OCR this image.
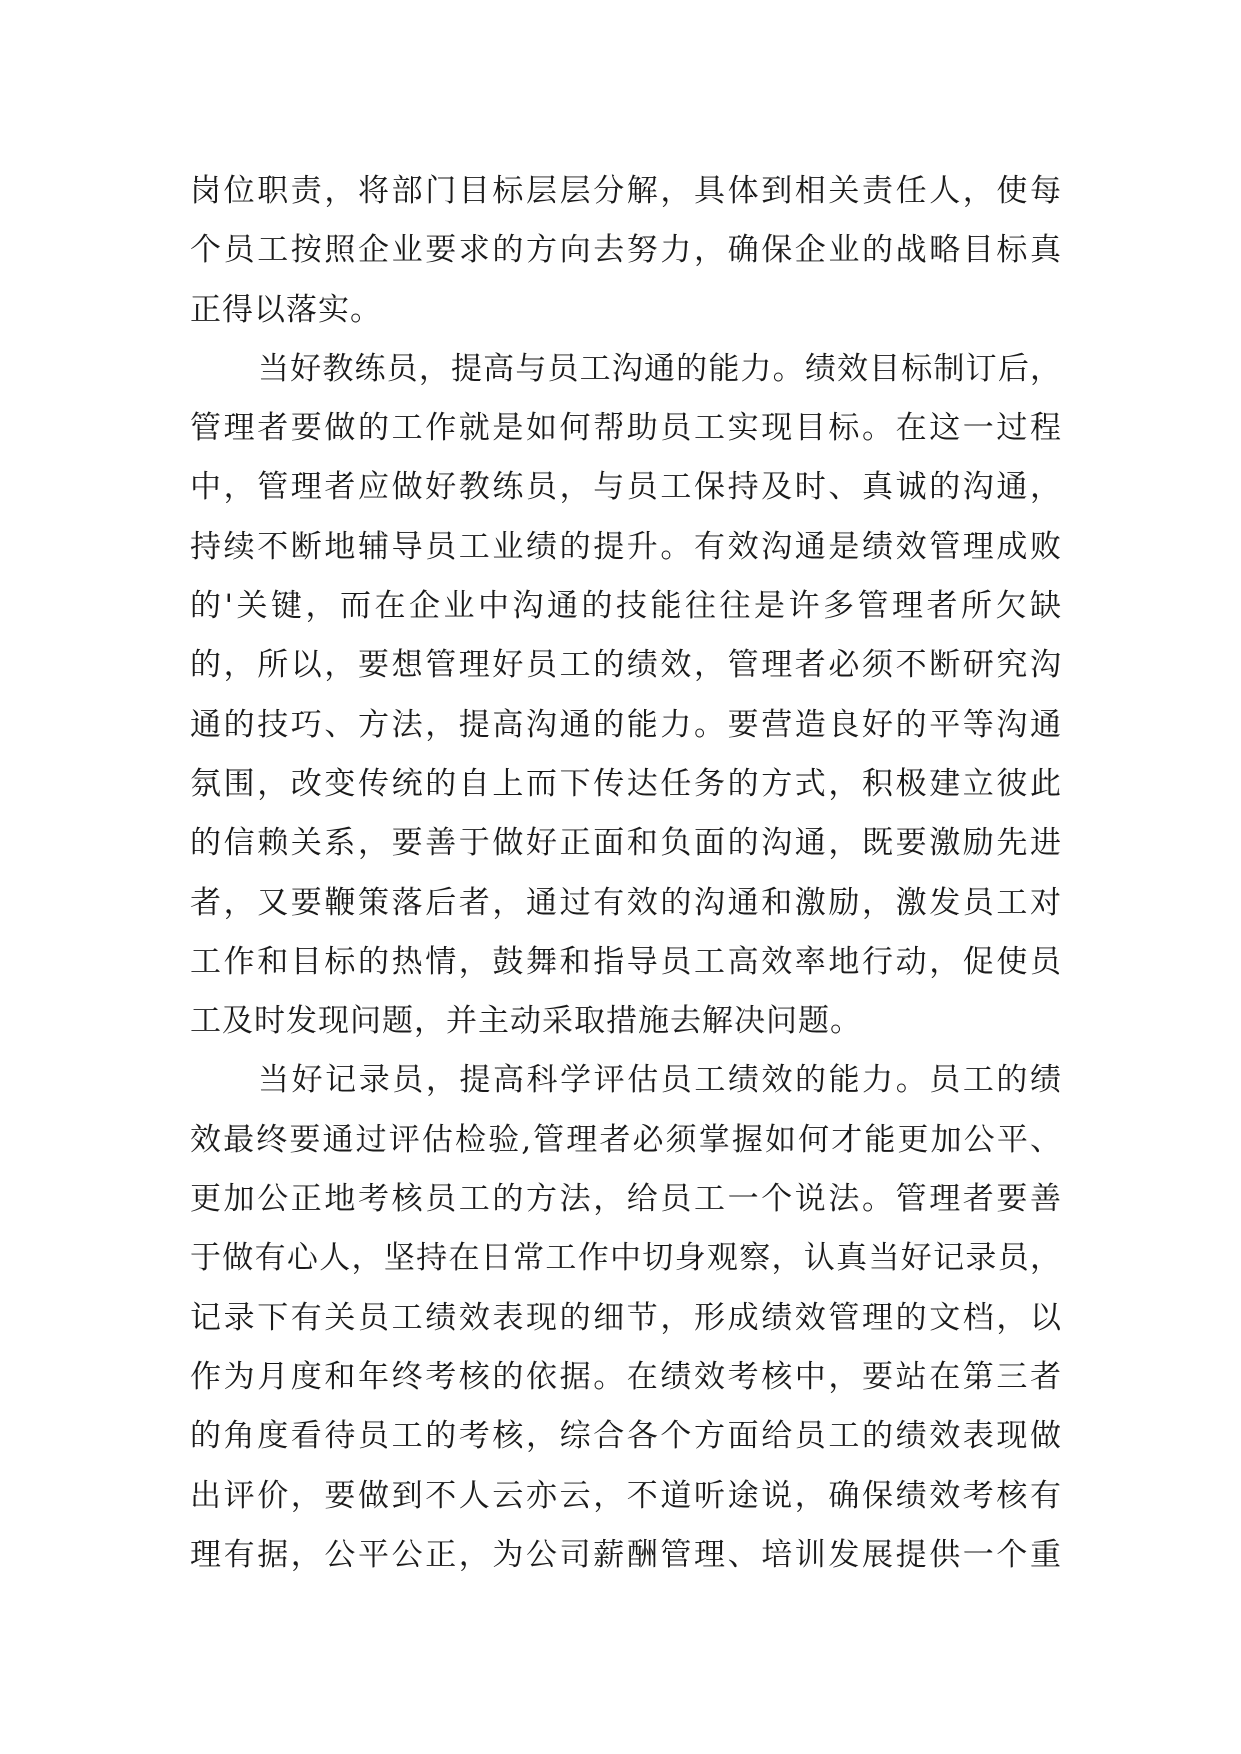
岗位职责，将部门目标层层分解，具体到相关责任人，使每
个员工按照企业要求的方向去努力，确保企业的战略目标真
正得以落实。
当好教练员，提高与员工沟通的能力。绩效目标制订后，
管理者要做的工作就是如何帮助员工实现目标。在这一过程
中，管理者应做好教练员，与员工保持及时、真诚的沟通，
持续不断地辅导员工业绩的提升。有效沟通是绩效管理成败
的'关键，而在企业中沟通的技能往往是许多管理者所欠缺
的，所以，要想管理好员工的绩效，管理者必须不断研究沟
通的技巧、方法，提高沟通的能力。要营造良好的平等沟通
氛围，改变传统的自上而下传达任务的方式，积极建立彼此
的信赖关系，要善于做好正面和负面的沟通，既要激励先进
者，又要鞭策落后者，通过有效的沟通和激励，激发员工对
工作和目标的热情，鼓舞和指导员工高效率地行动，促使员
工及时发现问题，并主动采取措施去解决问题。
当好记录员，提高科学评估员工绩效的能力。员工的绩
效最终要通过评估检验,管理者必须掌握如何才能更加公平、
更加公正地考核员工的方法，给员工一个说法。管理者要善
于做有心人，坚持在日常工作中切身观察，认真当好记录员，
记录下有关员工绩效表现的细节，形成绩效管理的文档，以
作为月度和年终考核的依据。在绩效考核中，要站在第三者
的角度看待员工的考核，综合各个方面给员工的绩效表现做
出评价，要做到不人云亦云，不道听途说，确保绩效考核有
理有据，公平公正，为公司薪酬管理、培训发展提供一个重
